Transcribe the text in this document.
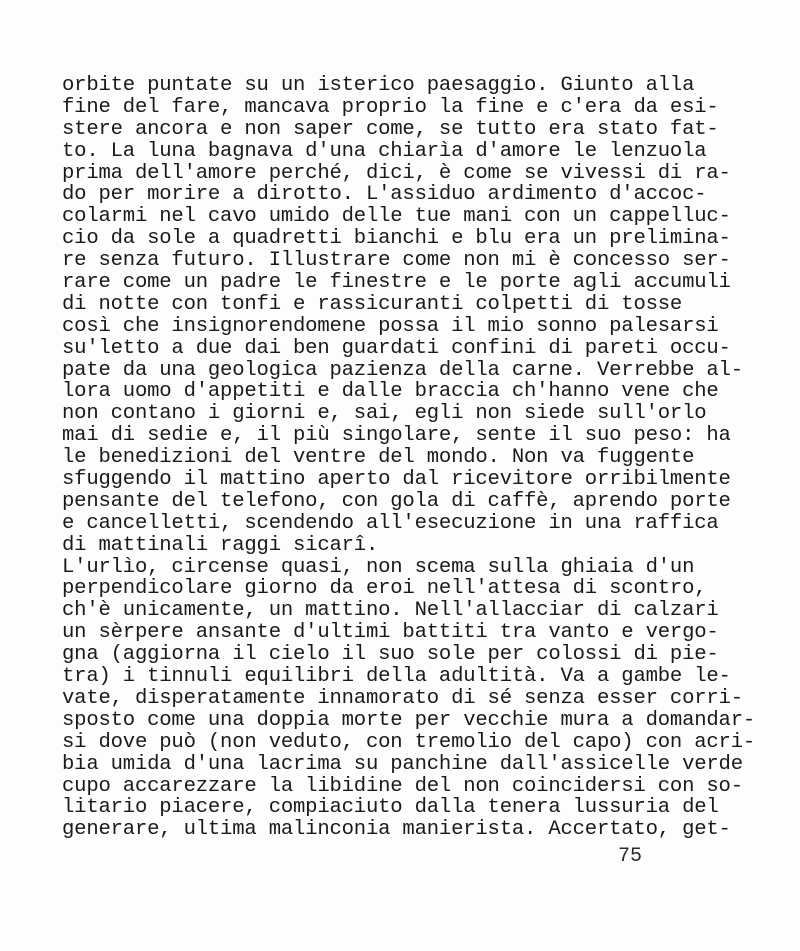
orbite puntate su un isterico paesaggio. Giunto alla
fine del fare, mancava proprio la fine e c'era da esi-
stere ancora e non saper come, se tutto era stato fat-
to. La luna bagnava d'una chiarìa d'amore le lenzuola
prima dell'amore perché, dici, è come se vivessi di ra-
do per morire a dirotto. L'assiduo ardimento d'accoc-
colarmi nel cavo umido delle tue mani con un cappelluc-
cio da sole a quadretti bianchi e blu era un prelimina-
re senza futuro. Illustrare come non mi è concesso ser-
rare come un padre le finestre e le porte agli accumuli
di notte con tonfi e rassicuranti colpetti di tosse
così che insignorendomene possa il mio sonno palesarsi
su'letto a due dai ben guardati confini di pareti occu-
pate da una geologica pazienza della carne. Verrebbe al-
lora uomo d'appetiti e dalle braccia ch'hanno vene che
non contano i giorni e, sai, egli non siede sull'orlo
mai di sedie e, il più singolare, sente il suo peso: ha
le benedizioni del ventre del mondo. Non va fuggente
sfuggendo il mattino aperto dal ricevitore orribilmente
pensante del telefono, con gola di caffè, aprendo porte
e cancelletti, scendendo all'esecuzione in una raffica
di mattinali raggi sicarî.
L'urlìo, circense quasi, non scema sulla ghiaia d'un
perpendicolare giorno da eroi nell'attesa di scontro,
ch'è unicamente, un mattino. Nell'allacciar di calzari
un sèrpere ansante d'ultimi battiti tra vanto e vergo-
gna (aggiorna il cielo il suo sole per colossi di pie-
tra) i tinnuli equilibri della adultità. Va a gambe le-
vate, disperatamente innamorato di sé senza esser corri-
sposto come una doppia morte per vecchie mura a domandar-
si dove può (non veduto, con tremolio del capo) con acri-
bia umida d'una lacrima su panchine dall'assicelle verde
cupo accarezzare la libidine del non coincidersi con so-
litario piacere, compiaciuto dalla tenera lussuria del
generare, ultima malinconia manierista. Accertato, get-
75
